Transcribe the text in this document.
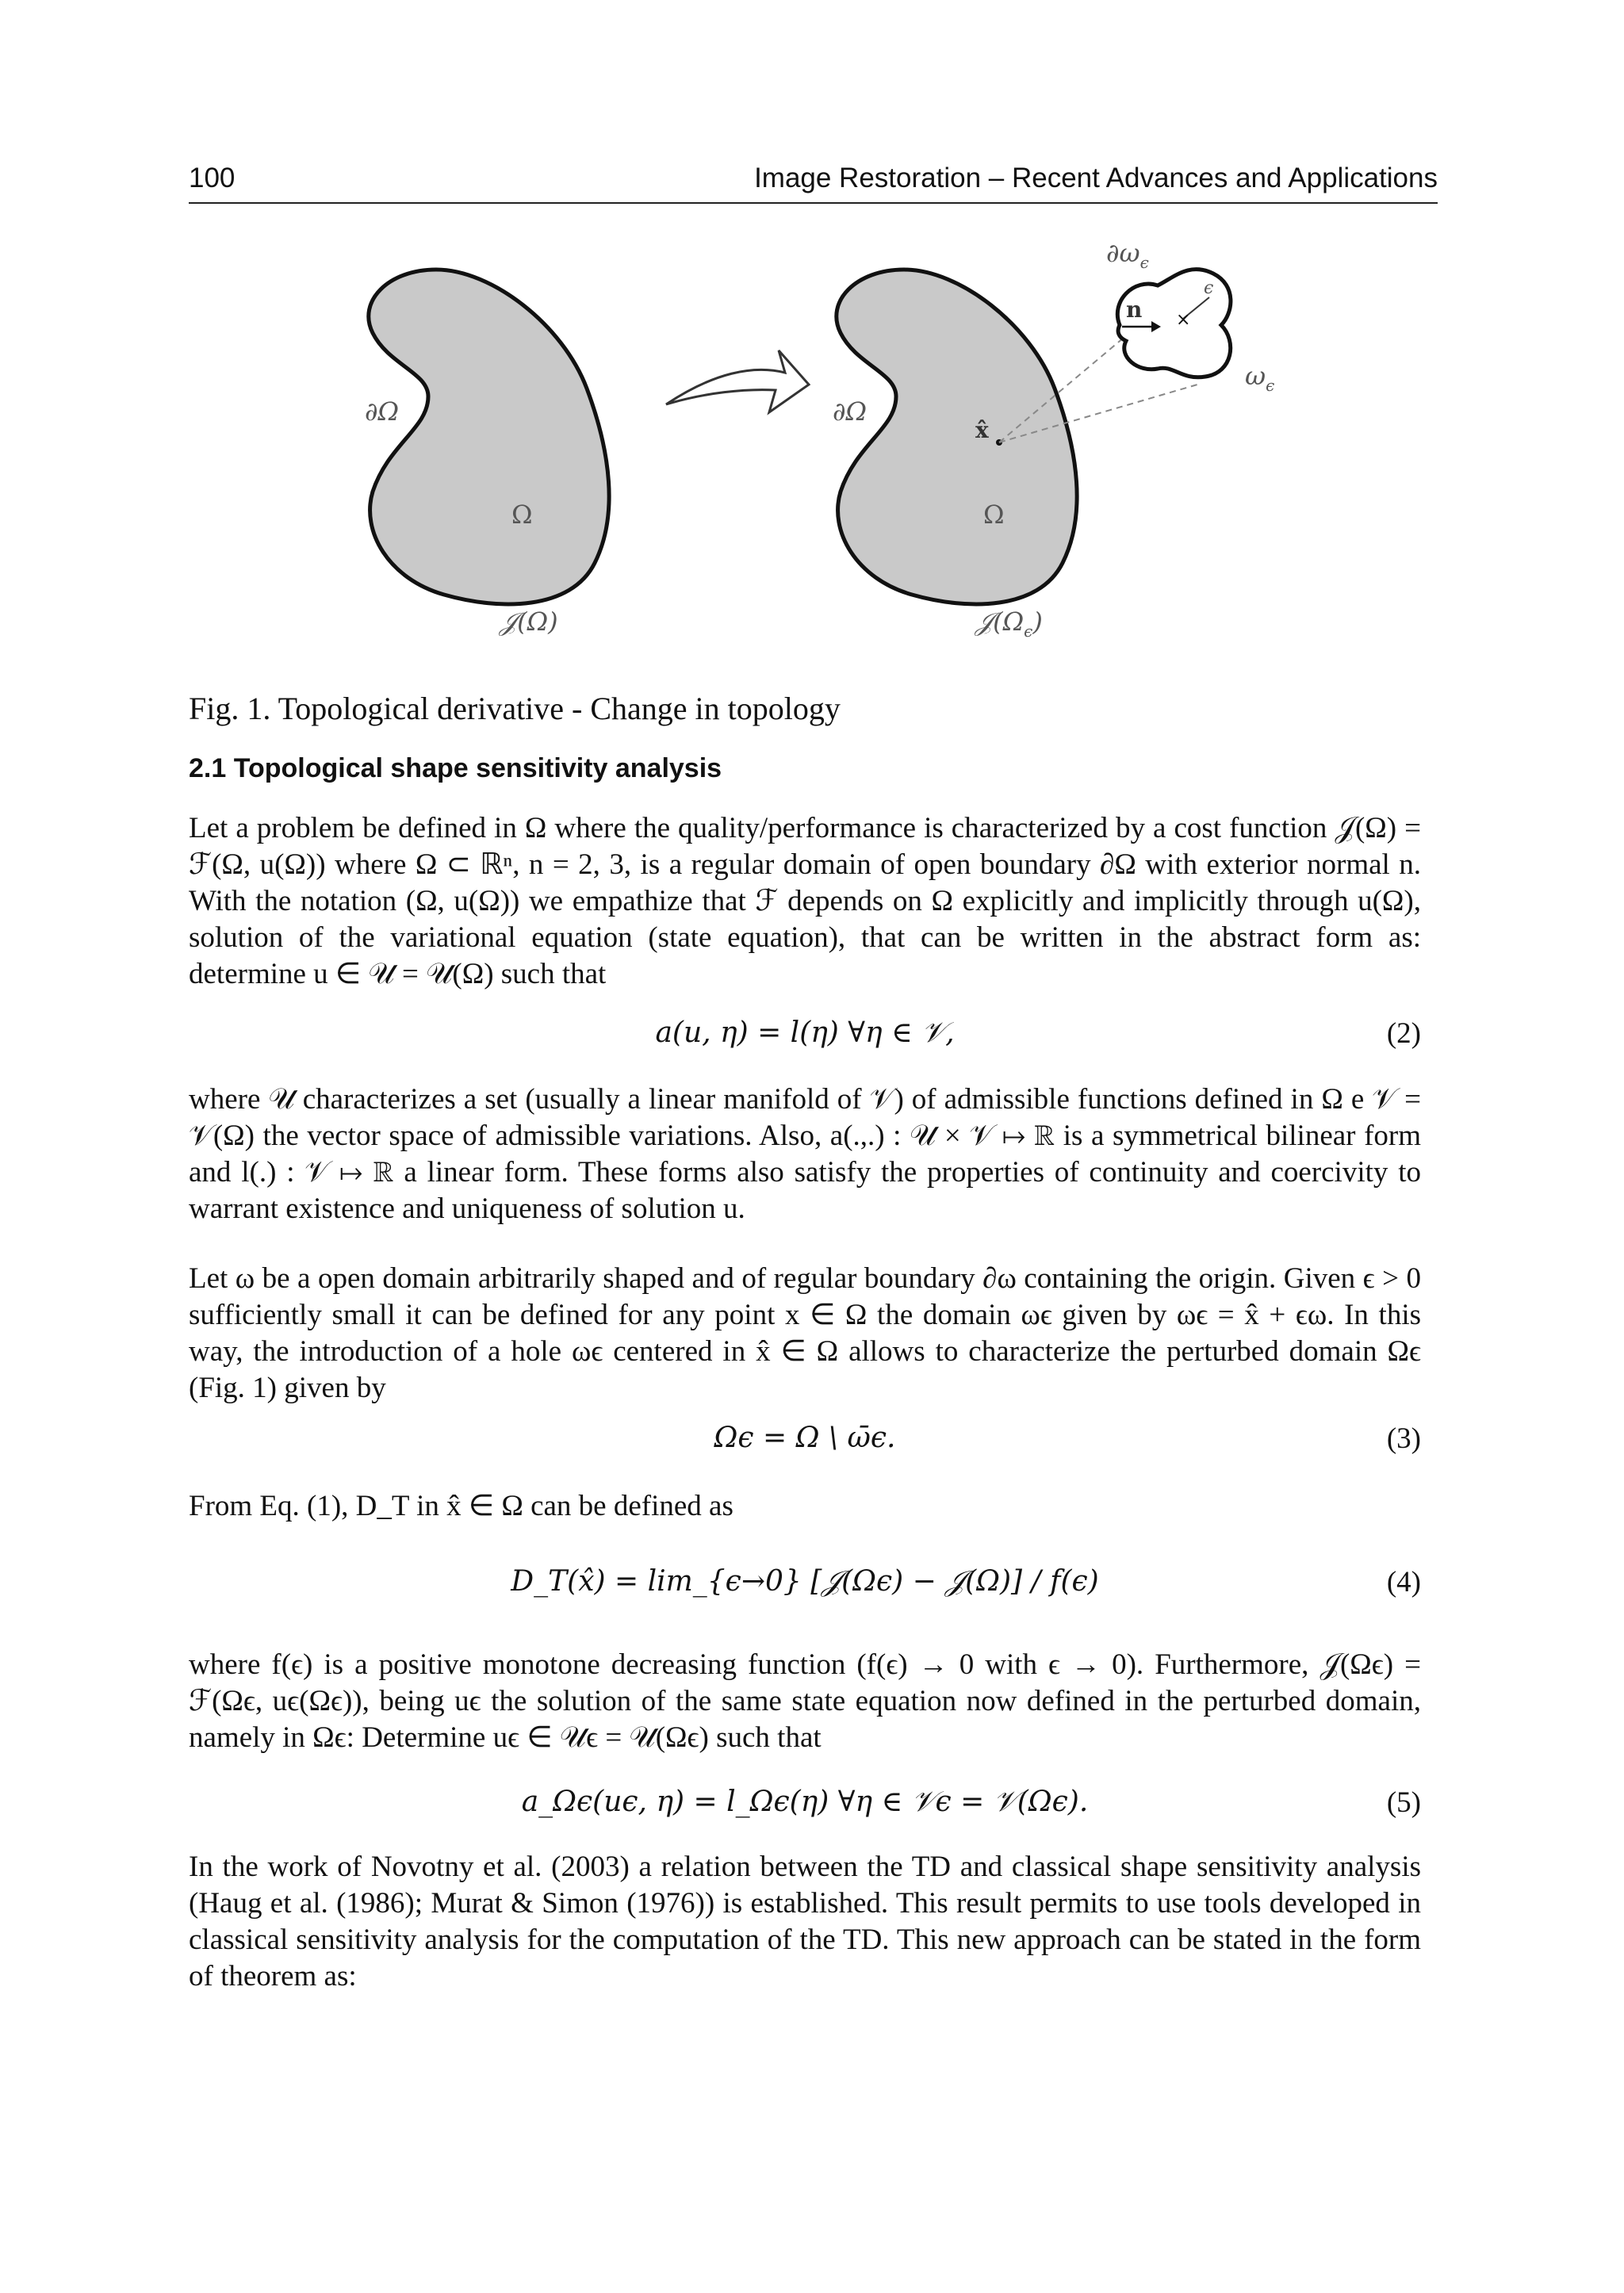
100	Image Restoration – Recent Advances and Applications
∂Ω
Ω
𝒥(Ω)
∂Ω
Ω
x̂
n ×
ϵ
$\partial\omega_\epsilon$
$\omega_\epsilon$
$𝒥(\Omega_\epsilon)$
Fig. 1. Topological derivative - Change in topology
2.1 Topological shape sensitivity analysis

Let a problem be defined in Ω where the quality/performance is characterized by a cost function 𝒥(Ω) = ℱ(Ω, u(Ω)) where Ω ⊂ ℝⁿ, n = 2, 3, is a regular domain of open boundary ∂Ω with exterior normal n. With the notation (Ω, u(Ω)) we empathize that ℱ depends on Ω explicitly and implicitly through u(Ω), solution of the variational equation (state equation), that can be written in the abstract form as: determine u ∈ 𝒰 = 𝒰(Ω) such that

a(u, η) = l(η) ∀η ∈ 𝒱,	(2)

where 𝒰 characterizes a set (usually a linear manifold of 𝒱) of admissible functions defined in Ω e 𝒱 = 𝒱(Ω) the vector space of admissible variations. Also, a(.,.) : 𝒰 × 𝒱 ↦ ℝ is a symmetrical bilinear form and l(.) : 𝒱 ↦ ℝ a linear form. These forms also satisfy the properties of continuity and coercivity to warrant existence and uniqueness of solution u.

Let ω be a open domain arbitrarily shaped and of regular boundary ∂ω containing the origin. Given ϵ > 0 sufficiently small it can be defined for any point x ∈ Ω the domain ωϵ given by ωϵ = x̂ + ϵω. In this way, the introduction of a hole ωϵ centered in x̂ ∈ Ω allows to characterize the perturbed domain Ωϵ (Fig. 1) given by

Ωϵ = Ω \ ω̄ϵ.	(3)

From Eq. (1), D_T in x̂ ∈ Ω can be defined as

D_T(x̂) = lim_{ϵ→0} [𝒥(Ωϵ) − 𝒥(Ω)] / f(ϵ)	(4)

where f(ϵ) is a positive monotone decreasing function (f(ϵ) → 0 with ϵ → 0). Furthermore, 𝒥(Ωϵ) = ℱ(Ωϵ, uϵ(Ωϵ)), being uϵ the solution of the same state equation now defined in the perturbed domain, namely in Ωϵ: Determine uϵ ∈ 𝒰ϵ = 𝒰(Ωϵ) such that

a_Ωϵ(uϵ, η) = l_Ωϵ(η) ∀η ∈ 𝒱ϵ = 𝒱(Ωϵ).	(5)

In the work of Novotny et al. (2003) a relation between the TD and classical shape sensitivity analysis (Haug et al. (1986); Murat & Simon (1976)) is established. This result permits to use tools developed in classical sensitivity analysis for the computation of the TD. This new approach can be stated in the form of theorem as:
